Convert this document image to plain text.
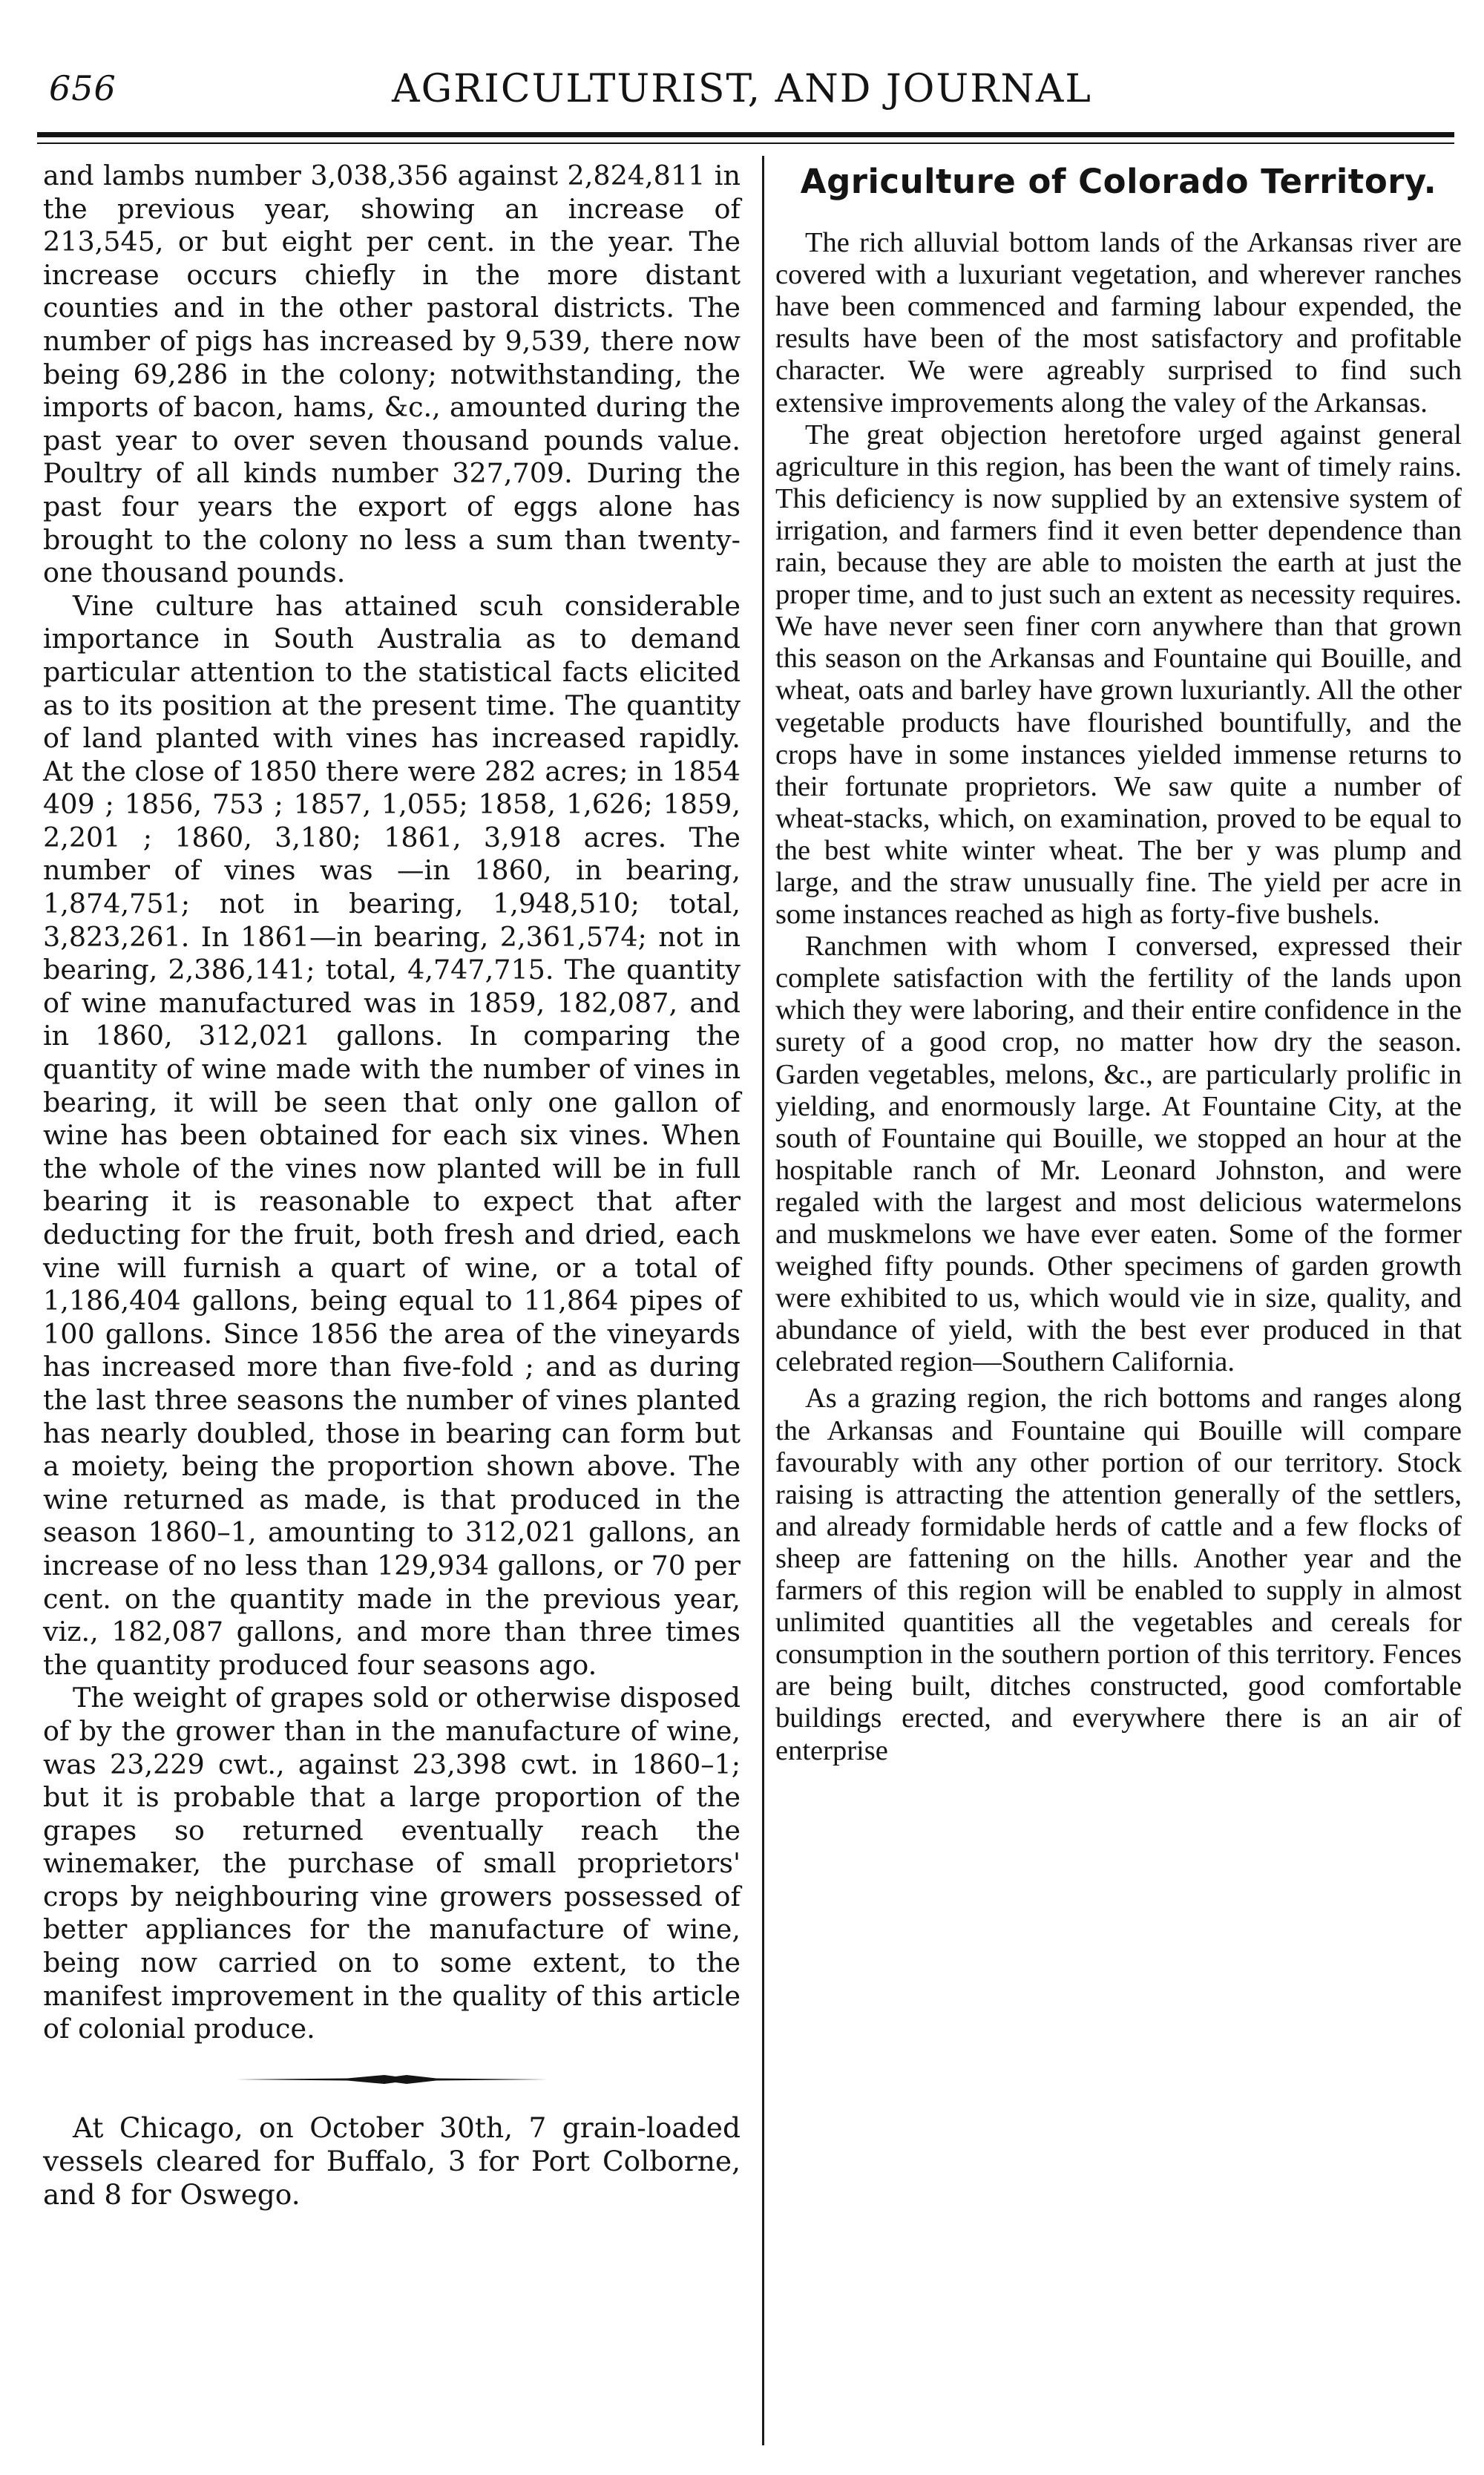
656	AGRICULTURIST, AND JOURNAL

and lambs number 3,038,356 against 2,824,811 in the previous year, showing an increase of 213,545, or but eight per cent. in the year. The increase occurs chiefly in the more distant counties and in the other pastoral districts. The number of pigs has increased by 9,539, there now being 69,286 in the colony; notwithstanding, the imports of bacon, hams, &c., amounted during the past year to over seven thousand pounds value. Poultry of all kinds number 327,709. During the past four years the export of eggs alone has brought to the colony no less a sum than twenty-one thousand pounds.

Vine culture has attained scuh considerable importance in South Australia as to demand particular attention to the statistical facts elicited as to its position at the present time. The quantity of land planted with vines has increased rapidly. At the close of 1850 there were 282 acres; in 1854 409 ; 1856, 753 ; 1857, 1,055; 1858, 1,626; 1859, 2,201 ; 1860, 3,180; 1861, 3,918 acres. The number of vines was —in 1860, in bearing, 1,874,751; not in bearing, 1,948,510; total, 3,823,261. In 1861—in bearing, 2,361,574; not in bearing, 2,386,141; total, 4,747,715. The quantity of wine manufactured was in 1859, 182,087, and in 1860, 312,021 gallons. In comparing the quantity of wine made with the number of vines in bearing, it will be seen that only one gallon of wine has been obtained for each six vines. When the whole of the vines now planted will be in full bearing it is reasonable to expect that after deducting for the fruit, both fresh and dried, each vine will furnish a quart of wine, or a total of 1,186,404 gallons, being equal to 11,864 pipes of 100 gallons. Since 1856 the area of the vineyards has increased more than five-fold ; and as during the last three seasons the number of vines planted has nearly doubled, those in bearing can form but a moiety, being the proportion shown above. The wine returned as made, is that produced in the season 1860–1, amounting to 312,021 gallons, an increase of no less than 129,934 gallons, or 70 per cent. on the quantity made in the previous year, viz., 182,087 gallons, and more than three times the quantity produced four seasons ago.

The weight of grapes sold or otherwise disposed of by the grower than in the manufacture of wine, was 23,229 cwt., against 23,398 cwt. in 1860–1; but it is probable that a large proportion of the grapes so returned eventually reach the winemaker, the purchase of small proprietors' crops by neighbouring vine growers possessed of better appliances for the manufacture of wine, being now carried on to some extent, to the manifest improvement in the quality of this article of colonial produce.

At Chicago, on October 30th, 7 grain-loaded vessels cleared for Buffalo, 3 for Port Colborne, and 8 for Oswego.

Agriculture of Colorado Territory.

The rich alluvial bottom lands of the Arkansas river are covered with a luxuriant vegetation, and wherever ranches have been commenced and farming labour expended, the results have been of the most satisfactory and profitable character. We were agreably surprised to find such extensive improvements along the valey of the Arkansas.

The great objection heretofore urged against general agriculture in this region, has been the want of timely rains. This deficiency is now supplied by an extensive system of irrigation, and farmers find it even better dependence than rain, because they are able to moisten the earth at just the proper time, and to just such an extent as necessity requires. We have never seen finer corn anywhere than that grown this season on the Arkansas and Fountaine qui Bouille, and wheat, oats and barley have grown luxuriantly. All the other vegetable products have flourished bountifully, and the crops have in some instances yielded immense returns to their fortunate proprietors. We saw quite a number of wheat-stacks, which, on examination, proved to be equal to the best white winter wheat. The ber y was plump and large, and the straw unusually fine. The yield per acre in some instances reached as high as forty-five bushels.

Ranchmen with whom I conversed, expressed their complete satisfaction with the fertility of the lands upon which they were laboring, and their entire confidence in the surety of a good crop, no matter how dry the season. Garden vegetables, melons, &c., are particularly prolific in yielding, and enormously large. At Fountaine City, at the south of Fountaine qui Bouille, we stopped an hour at the hospitable ranch of Mr. Leonard Johnston, and were regaled with the largest and most delicious watermelons and muskmelons we have ever eaten. Some of the former weighed fifty pounds. Other specimens of garden growth were exhibited to us, which would vie in size, quality, and abundance of yield, with the best ever produced in that celebrated region—Southern California.

As a grazing region, the rich bottoms and ranges along the Arkansas and Fountaine qui Bouille will compare favourably with any other portion of our territory. Stock raising is attracting the attention generally of the settlers, and already formidable herds of cattle and a few flocks of sheep are fattening on the hills. Another year and the farmers of this region will be enabled to supply in almost unlimited quantities all the vegetables and cereals for consumption in the southern portion of this territory. Fences are being built, ditches constructed, good comfortable buildings erected, and everywhere there is an air of enterprise
